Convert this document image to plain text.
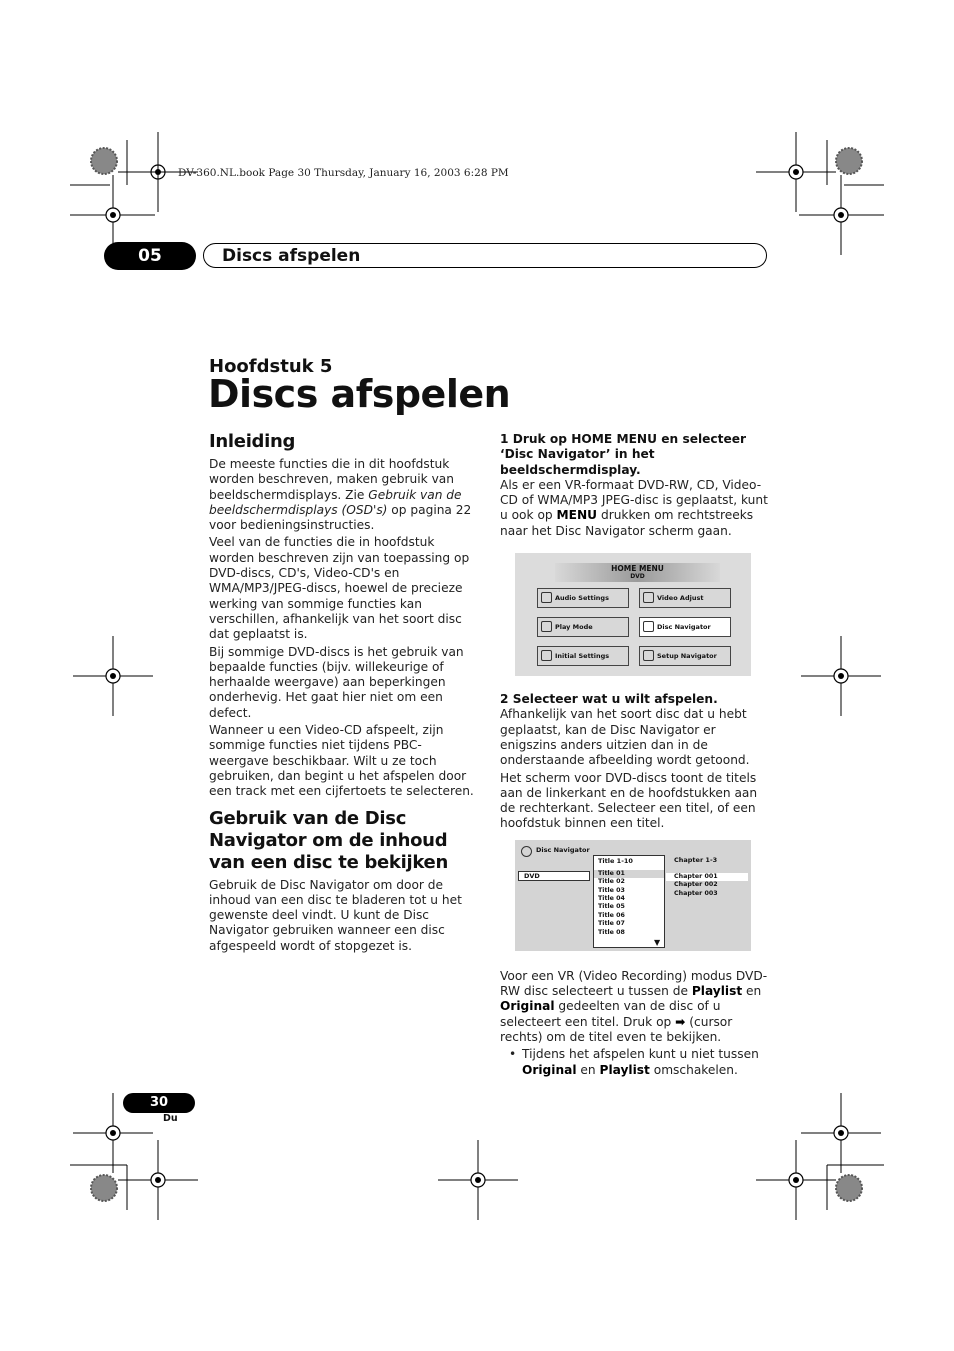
DV-360.NL.book Page 30 Thursday, January 16, 2003 6:28 PM
05	Discs afspelen
Hoofdstuk 5
Discs afspelen
Inleiding

De meeste functies die in dit hoofdstuk worden beschreven, maken gebruik van beeldschermdisplays. Zie Gebruik van de beeldschermdisplays (OSD's) op pagina 22 voor bedieningsinstructies.

Veel van de functies die in hoofdstuk worden beschreven zijn van toepassing op DVD-discs, CD's, Video-CD's en WMA/MP3/JPEG-discs, hoewel de precieze werking van sommige functies kan verschillen, afhankelijk van het soort disc dat geplaatst is.

Bij sommige DVD-discs is het gebruik van bepaalde functies (bijv. willekeurige of herhaalde weergave) aan beperkingen onderhevig. Het gaat hier niet om een defect.

Wanneer u een Video-CD afspeelt, zijn sommige functies niet tijdens PBC-weergave beschikbaar. Wilt u ze toch gebruiken, dan begint u het afspelen door een track met een cijfertoets te selecteren.

Gebruik van de Disc Navigator om de inhoud van een disc te bekijken

Gebruik de Disc Navigator om door de inhoud van een disc te bladeren tot u het gewenste deel vindt. U kunt de Disc Navigator gebruiken wanneer een disc afgespeeld wordt of stopgezet is.

1 Druk op HOME MENU en selecteer ‘Disc Navigator’ in het beeldschermdisplay.

Als er een VR-formaat DVD-RW, CD, Video-CD of WMA/MP3 JPEG-disc is geplaatst, kunt u ook op MENU drukken om rechtstreeks naar het Disc Navigator scherm gaan.

HOME MENU
DVD
Audio Settings	Video Adjust
Play Mode	Disc Navigator
Initial Settings	Setup Navigator

2 Selecteer wat u wilt afspelen.

Afhankelijk van het soort disc dat u hebt geplaatst, kan de Disc Navigator er enigszins anders uitzien dan in de onderstaande afbeelding wordt getoond.

Het scherm voor DVD-discs toont de titels aan de linkerkant en de hoofdstukken aan de rechterkant. Selecteer een titel, of een hoofdstuk binnen een titel.

Disc Navigator
DVD
Title 1-10
Title 01
Title 02
Title 03
Title 04
Title 05
Title 06
Title 07
Title 08
▼
Chapter 1-3
Chapter 001
Chapter 002
Chapter 003

Voor een VR (Video Recording) modus DVD-RW disc selecteert u tussen de Playlist en Original gedeelten van de disc of u selecteert een titel. Druk op ➡ (cursor rechts) om de titel even te bekijken.

• Tijdens het afspelen kunt u niet tussen Original en Playlist omschakelen.

30
Du
